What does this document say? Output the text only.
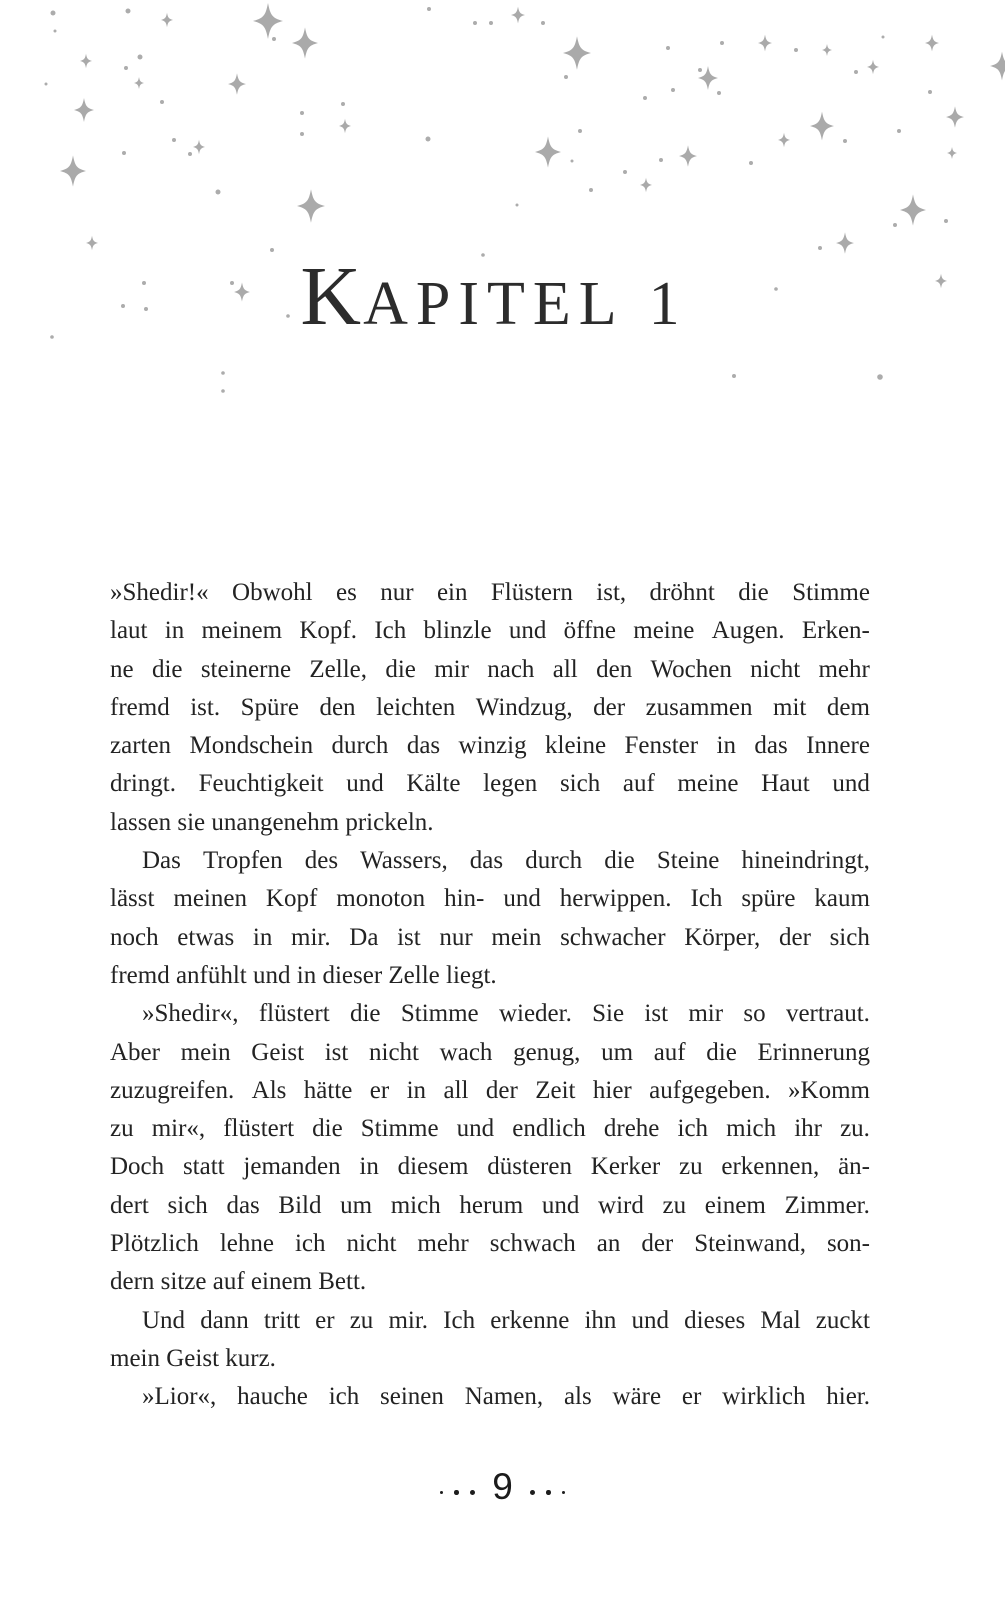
K APITEL 1
»Shedir!« Obwohl es nur ein Flüstern ist, dröhnt die Stimme
laut in meinem Kopf. Ich blinzle und öffne meine Augen. Erken-
ne die steinerne Zelle, die mir nach all den Wochen nicht mehr
fremd ist. Spüre den leichten Windzug, der zusammen mit dem
zarten Mondschein durch das winzig kleine Fenster in das Innere
dringt. Feuchtigkeit und Kälte legen sich auf meine Haut und
lassen sie unangenehm prickeln.
Das Tropfen des Wassers, das durch die Steine hineindringt,
lässt meinen Kopf monoton hin- und herwippen. Ich spüre kaum
noch etwas in mir. Da ist nur mein schwacher Körper, der sich
fremd anfühlt und in dieser Zelle liegt.
»Shedir«, flüstert die Stimme wieder. Sie ist mir so vertraut.
Aber mein Geist ist nicht wach genug, um auf die Erinnerung
zuzugreifen. Als hätte er in all der Zeit hier aufgegeben. »Komm
zu mir«, flüstert die Stimme und endlich drehe ich mich ihr zu.
Doch statt jemanden in diesem düsteren Kerker zu erkennen, än-
dert sich das Bild um mich herum und wird zu einem Zimmer.
Plötzlich lehne ich nicht mehr schwach an der Steinwand, son-
dern sitze auf einem Bett.
Und dann tritt er zu mir. Ich erkenne ihn und dieses Mal zuckt
mein Geist kurz.
»Lior«, hauche ich seinen Namen, als wäre er wirklich hier.
9
